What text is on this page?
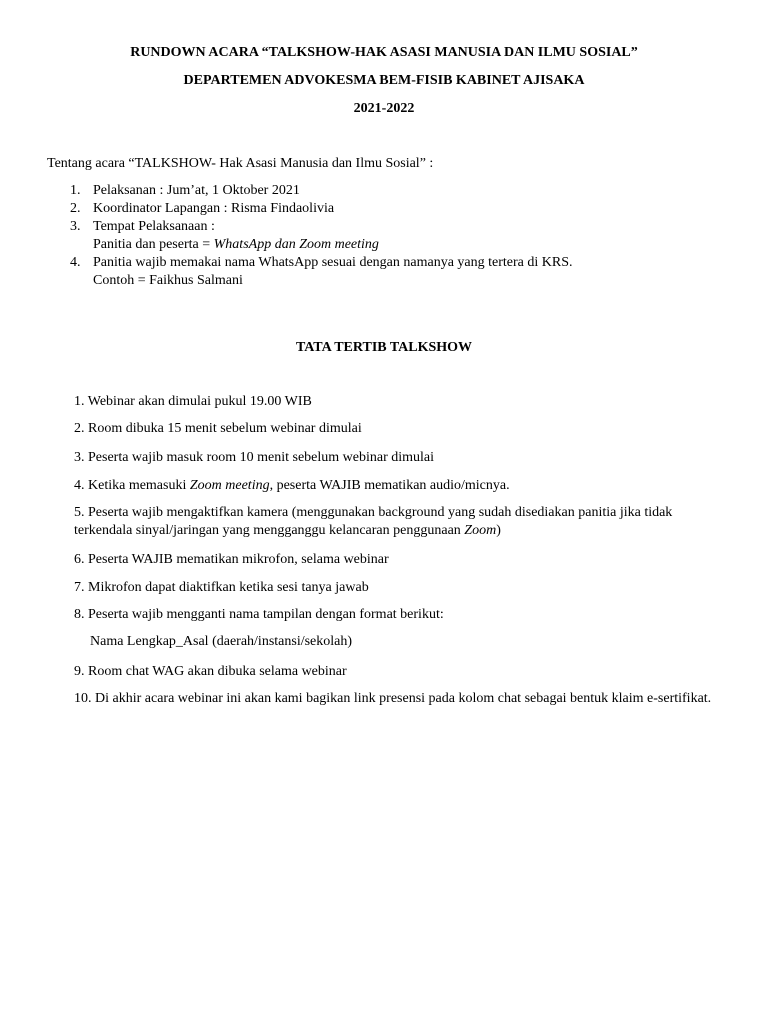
RUNDOWN ACARA “TALKSHOW-HAK ASASI MANUSIA DAN ILMU SOSIAL”
DEPARTEMEN ADVOKESMA BEM-FISIB KABINET AJISAKA
2021-2022
Tentang acara “TALKSHOW- Hak Asasi Manusia dan Ilmu Sosial” :
1. Pelaksanan : Jum’at, 1 Oktober 2021
2. Koordinator Lapangan : Risma Findaolivia
3. Tempat Pelaksanaan :
Panitia dan peserta = WhatsApp dan Zoom meeting
4. Panitia wajib memakai nama WhatsApp sesuai dengan namanya yang tertera di KRS.
Contoh = Faikhus Salmani
TATA TERTIB TALKSHOW
1. Webinar akan dimulai pukul 19.00 WIB
2. Room dibuka 15 menit sebelum webinar dimulai
3. Peserta wajib masuk room 10 menit sebelum webinar dimulai
4. Ketika memasuki Zoom meeting, peserta WAJIB mematikan audio/micnya.
5. Peserta wajib mengaktifkan kamera (menggunakan background yang sudah disediakan panitia jika tidak terkendala sinyal/jaringan yang mengganggu kelancaran penggunaan Zoom)
6. Peserta WAJIB mematikan mikrofon, selama webinar
7. Mikrofon dapat diaktifkan ketika sesi tanya jawab
8. Peserta wajib mengganti nama tampilan dengan format berikut:
Nama Lengkap_Asal (daerah/instansi/sekolah)
9. Room chat WAG akan dibuka selama webinar
10. Di akhir acara webinar ini akan kami bagikan link presensi pada kolom chat sebagai bentuk klaim e-sertifikat.
